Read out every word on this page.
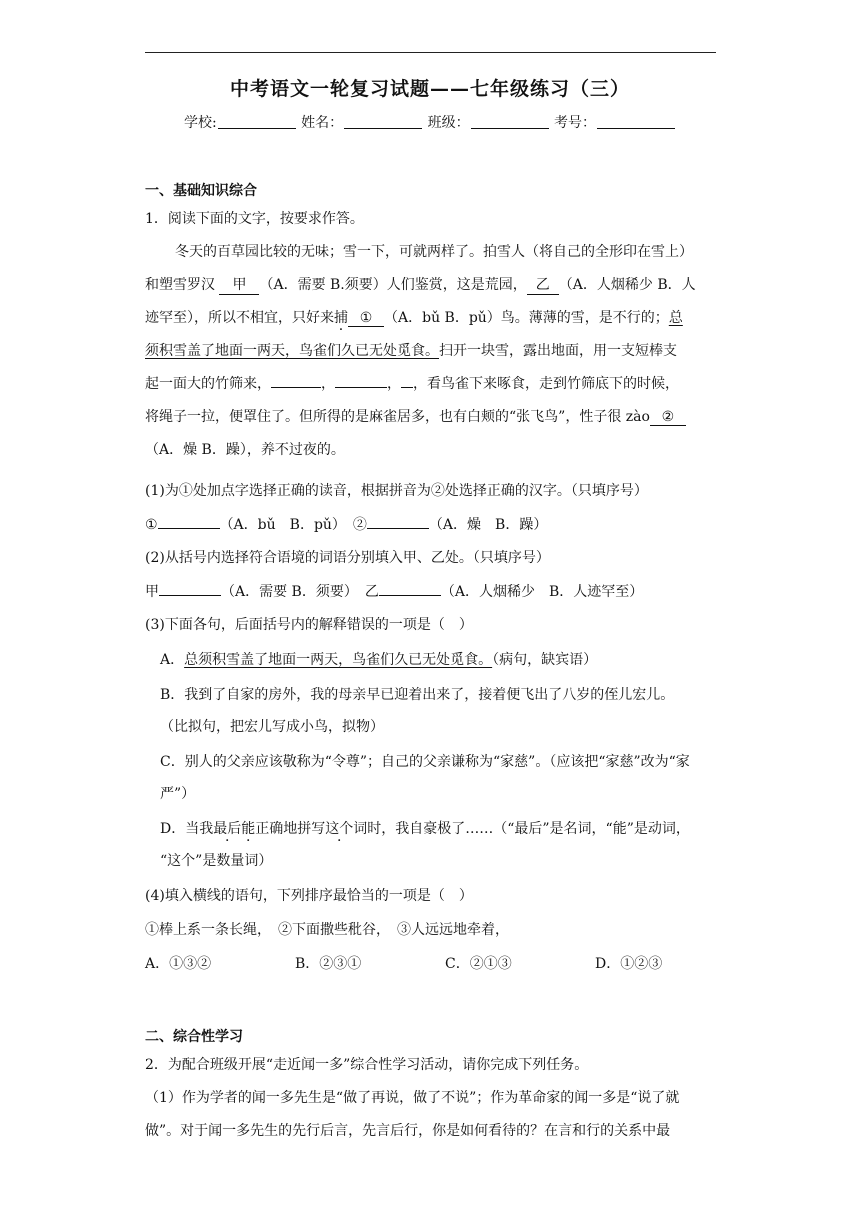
中考语文一轮复习试题——七年级练习（三）
学校:	姓名：	班级：	考号：
一、基础知识综合
1．阅读下面的文字，按要求作答。
冬天的百草园比较的无味；雪一下，可就两样了。拍雪人（将自己的全形印在雪上）
和塑雪罗汉 甲 （A．需要 B.须要）人们鉴赏，这是荒园， 乙 （A．人烟稀少 B．人
迹罕至），所以不相宜，只好来捕 ① （A．bǔ B．pǔ）鸟。薄薄的雪，是不行的；总
须积雪盖了地面一两天，鸟雀们久已无处觅食。扫开一块雪，露出地面，用一支短棒支
起一面大的竹筛来，	，	， ，看鸟雀下来啄食，走到竹筛底下的时候，
将绳子一拉，便罩住了。但所得的是麻雀居多，也有白颊的“张飞鸟”，性子很 zào ②
（A．燥 B．躁），养不过夜的。
(1)为①处加点字选择正确的读音，根据拼音为②处选择正确的汉字。（只填序号）
①	（A．bǔ　B．pǔ）　 ②	（A．燥　B．躁）
(2)从括号内选择符合语境的词语分别填入甲、乙处。（只填序号）
甲	（A．需要 B．须要）　 乙	（A．人烟稀少　B．人迹罕至）
(3)下面各句，后面括号内的解释错误的一项是（　）
A．总须积雪盖了地面一两天，鸟雀们久已无处觅食。（病句，缺宾语）
B．我到了自家的房外，我的母亲早已迎着出来了，接着便飞出了八岁的侄儿宏儿。
（比拟句，把宏儿写成小鸟，拟物）
C．别人的父亲应该敬称为“令尊”；自己的父亲谦称为“家慈”。（应该把“家慈”改为“家
严”）
D．当我最后能正确地拼写这个词时，我自豪极了……（“最后”是名词，“能”是动词，
“这个”是数量词）
(4)填入横线的语句，下列排序最恰当的一项是（　）
①棒上系一条长绳，　②下面撒些秕谷，　③人远远地牵着，
A．①③②	B．②③①	C．②①③	D．①②③
二、综合性学习
2．为配合班级开展“走近闻一多”综合性学习活动，请你完成下列任务。
（1）作为学者的闻一多先生是“做了再说，做了不说”；作为革命家的闻一多是“说了就
做”。对于闻一多先生的先行后言，先言后行，你是如何看待的？在言和行的关系中最
